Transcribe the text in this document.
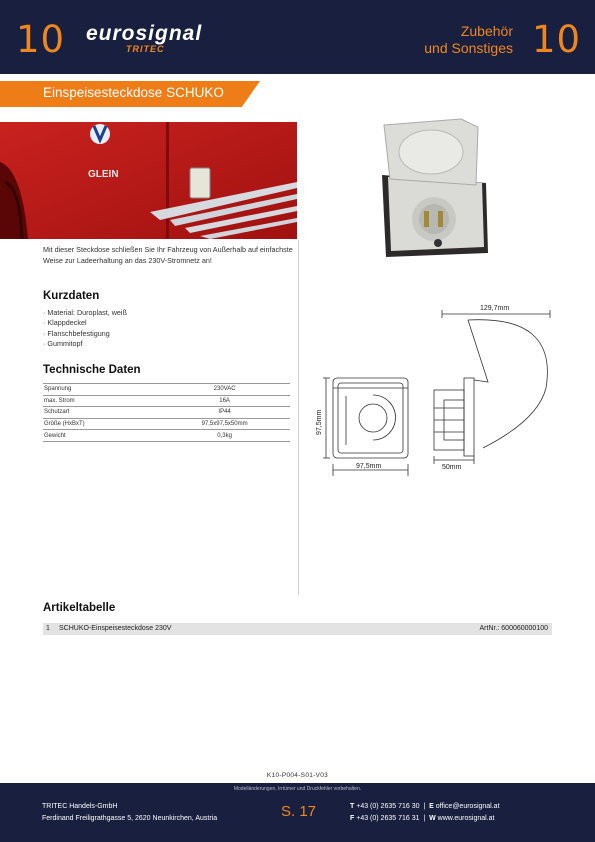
10 eurosignal
TRITEC
Zubehör
und Sonstiges 10
Einspeisesteckdose SCHUKO
GLEIN
Mit dieser Steckdose schließen Sie Ihr Fahrzeug von Außerhalb auf einfachste Weise zur Ladeerhaltung an das 230V-Stromnetz an!
Kurzdaten
· Material: Duroplast, weiß
· Klappdeckel
· Flanschbefestigung
· Gummitopf
Technische Daten
Spannung	230VAC
max. Strom	16A
Schutzart	IP44
Größe (HxBxT)	97,5x97,5x50mm
Gewicht	0,3kg
129,7mm
97,5mm
97,5mm	50mm
Artikeltabelle
1 SCHUKO-Einspeisesteckdose 230V	ArtNr.: 600060000100
K10-P004-S01-V03
Modelländerungen, Irrtümer und Druckfehler vorbehalten.
TRITEC Handels-GmbH
Ferdinand Freiligrathgasse 5, 2620 Neunkirchen, Austria	S. 17	T +43 (0) 2635 716 30 | E office@eurosignal.at
F +43 (0) 2635 716 31 | W www.eurosignal.at
